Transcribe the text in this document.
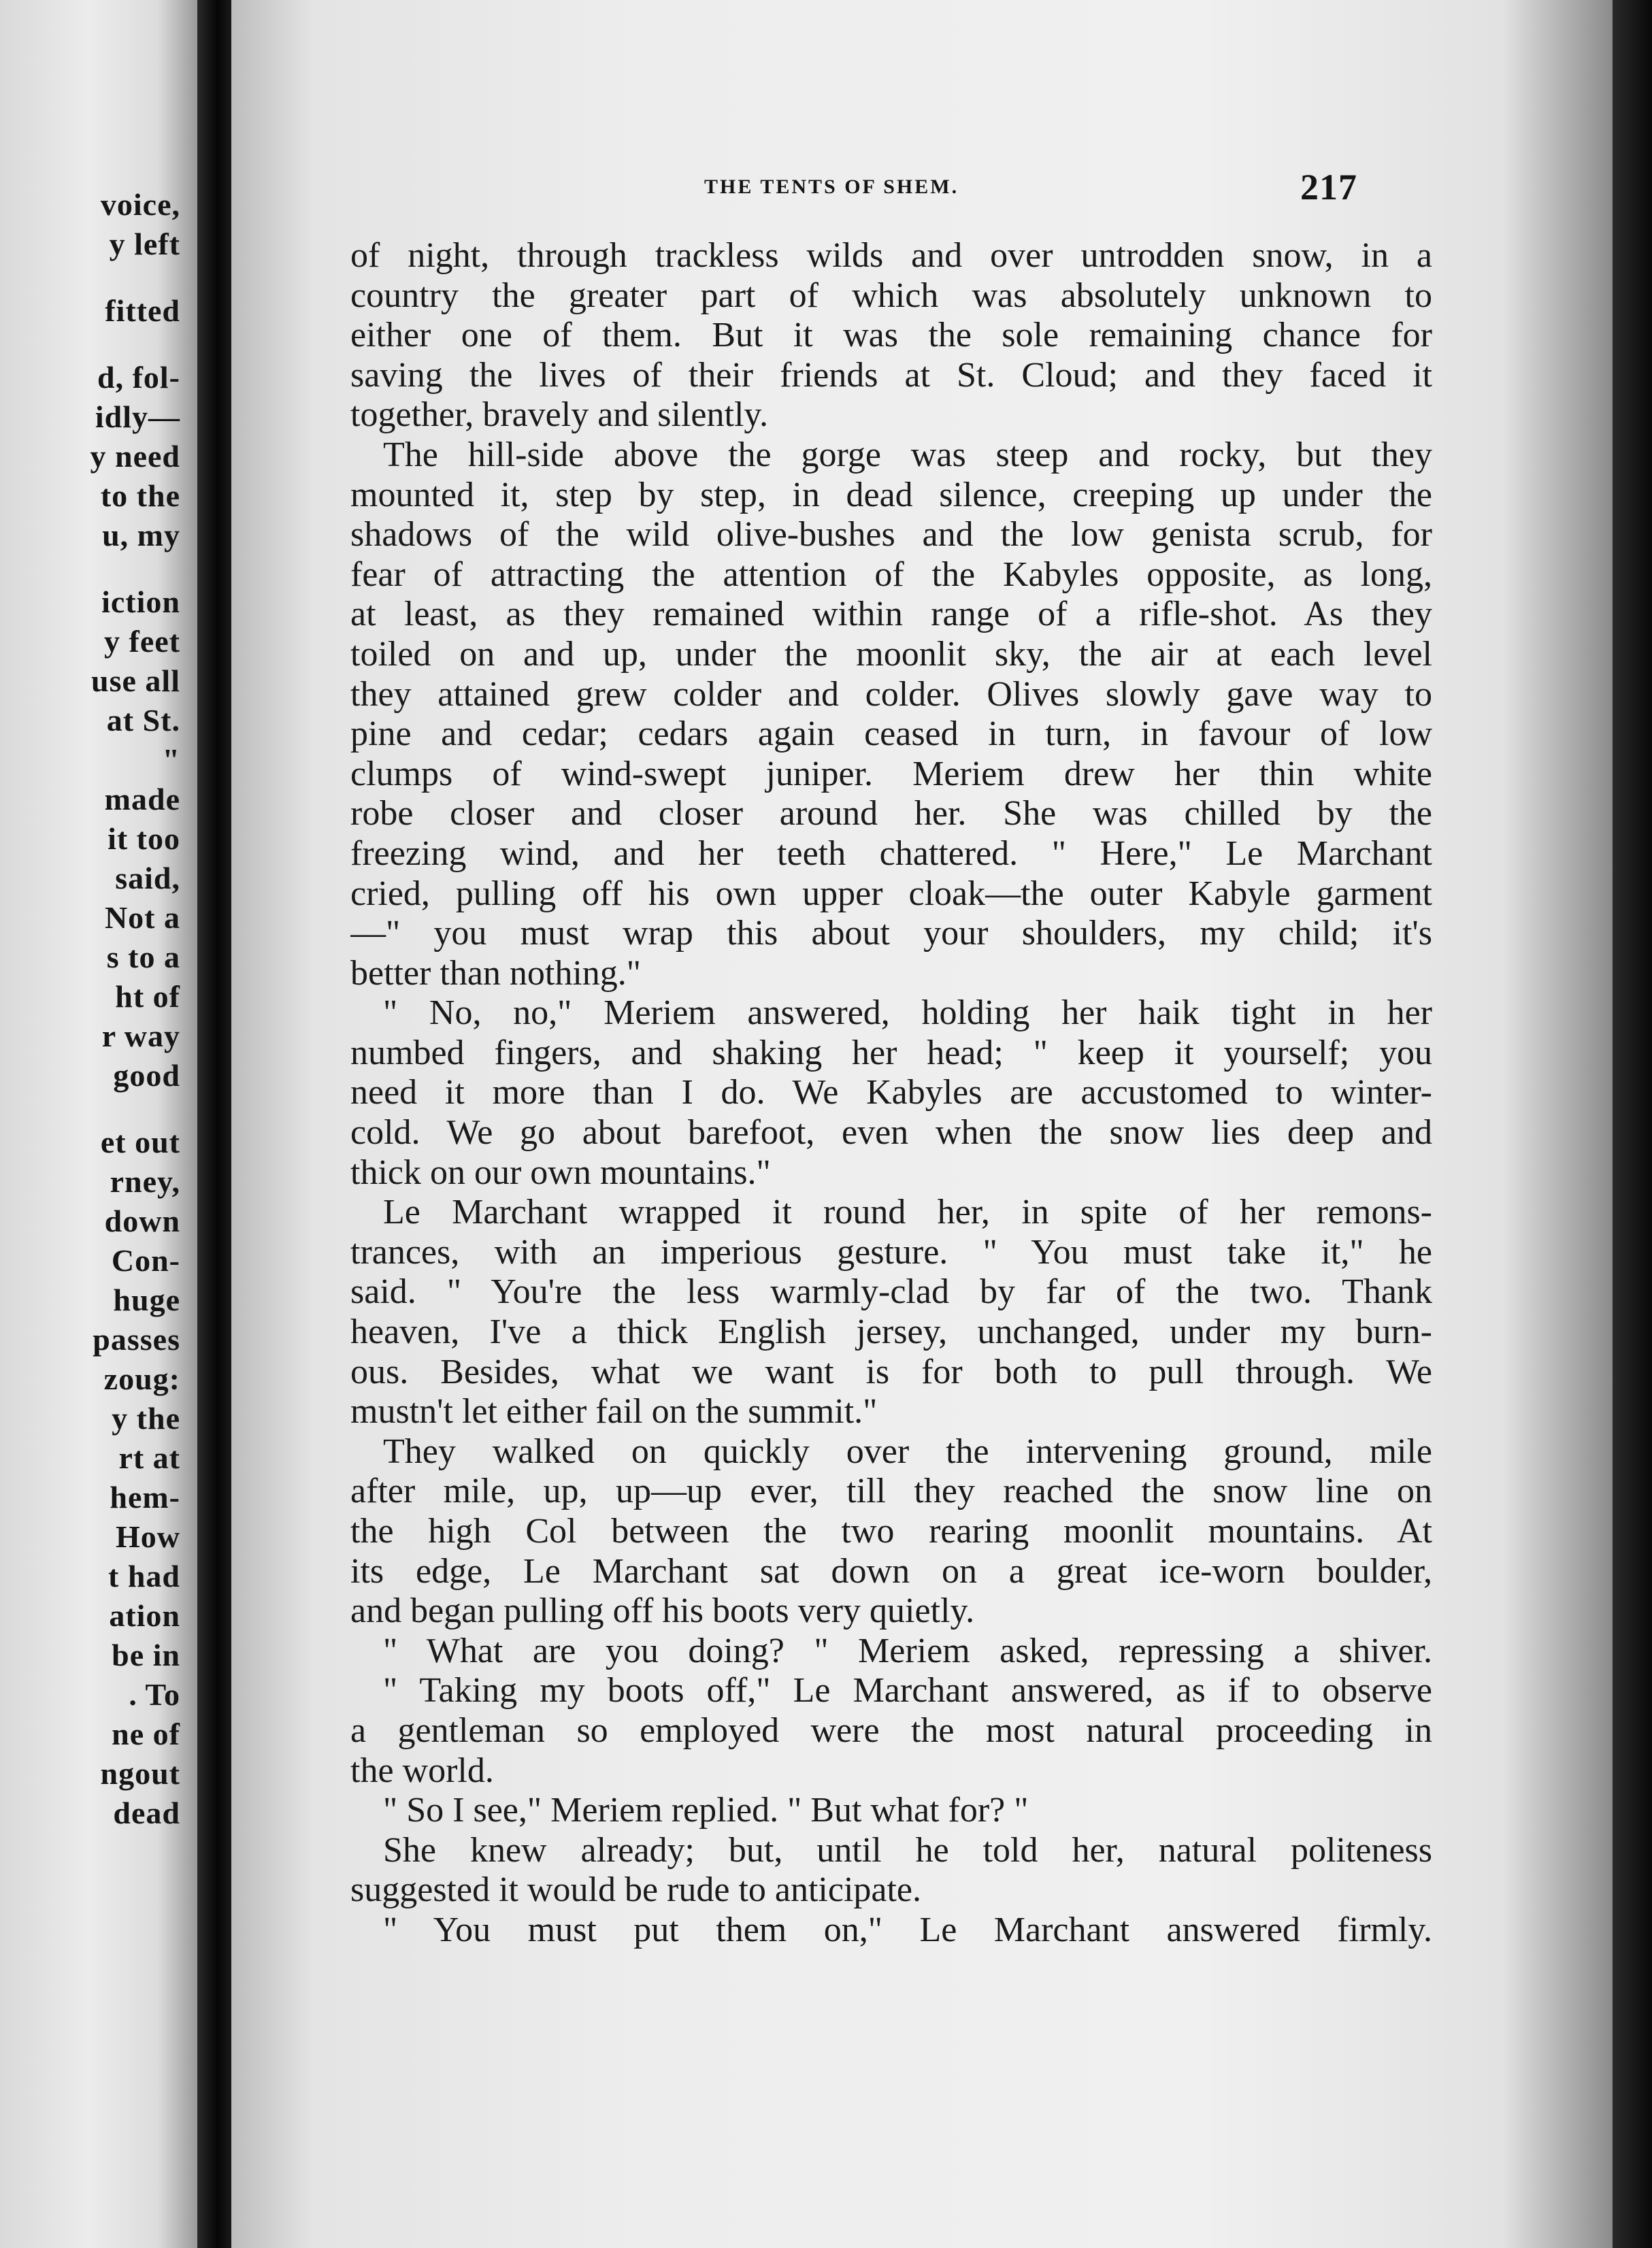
voice,
y left
fitted
d, fol-
idly—
y need
to the
u, my
iction
y feet
use all
at St.
"
made
it too
said,
Not a
s to a
ht of
r way
good
et out
rney,
down
Con-
huge
passes
zoug:
y the
rt at
hem-
How
t had
ation
be in
. To
ne of
ngout
dead
THE TENTS OF SHEM.	217
of night, through trackless wilds and over untrodden snow, in a
country the greater part of which was absolutely unknown to
either one of them. But it was the sole remaining chance for
saving the lives of their friends at St. Cloud; and they faced it
together, bravely and silently.
The hill-side above the gorge was steep and rocky, but they
mounted it, step by step, in dead silence, creeping up under the
shadows of the wild olive-bushes and the low genista scrub, for
fear of attracting the attention of the Kabyles opposite, as long,
at least, as they remained within range of a rifle-shot. As they
toiled on and up, under the moonlit sky, the air at each level
they attained grew colder and colder. Olives slowly gave way to
pine and cedar; cedars again ceased in turn, in favour of low
clumps of wind-swept juniper. Meriem drew her thin white
robe closer and closer around her. She was chilled by the
freezing wind, and her teeth chattered. " Here," Le Marchant
cried, pulling off his own upper cloak—the outer Kabyle garment
—" you must wrap this about your shoulders, my child; it's
better than nothing."
" No, no," Meriem answered, holding her haik tight in her
numbed fingers, and shaking her head; " keep it yourself; you
need it more than I do. We Kabyles are accustomed to winter-
cold. We go about barefoot, even when the snow lies deep and
thick on our own mountains."
Le Marchant wrapped it round her, in spite of her remons-
trances, with an imperious gesture. " You must take it," he
said. " You're the less warmly-clad by far of the two. Thank
heaven, I've a thick English jersey, unchanged, under my burn-
ous. Besides, what we want is for both to pull through. We
mustn't let either fail on the summit."
They walked on quickly over the intervening ground, mile
after mile, up, up—up ever, till they reached the snow line on
the high Col between the two rearing moonlit mountains. At
its edge, Le Marchant sat down on a great ice-worn boulder,
and began pulling off his boots very quietly.
" What are you doing? " Meriem asked, repressing a shiver.
" Taking my boots off," Le Marchant answered, as if to observe
a gentleman so employed were the most natural proceeding in
the world.
" So I see," Meriem replied. " But what for? "
She knew already; but, until he told her, natural politeness
suggested it would be rude to anticipate.
" You must put them on," Le Marchant answered firmly.
